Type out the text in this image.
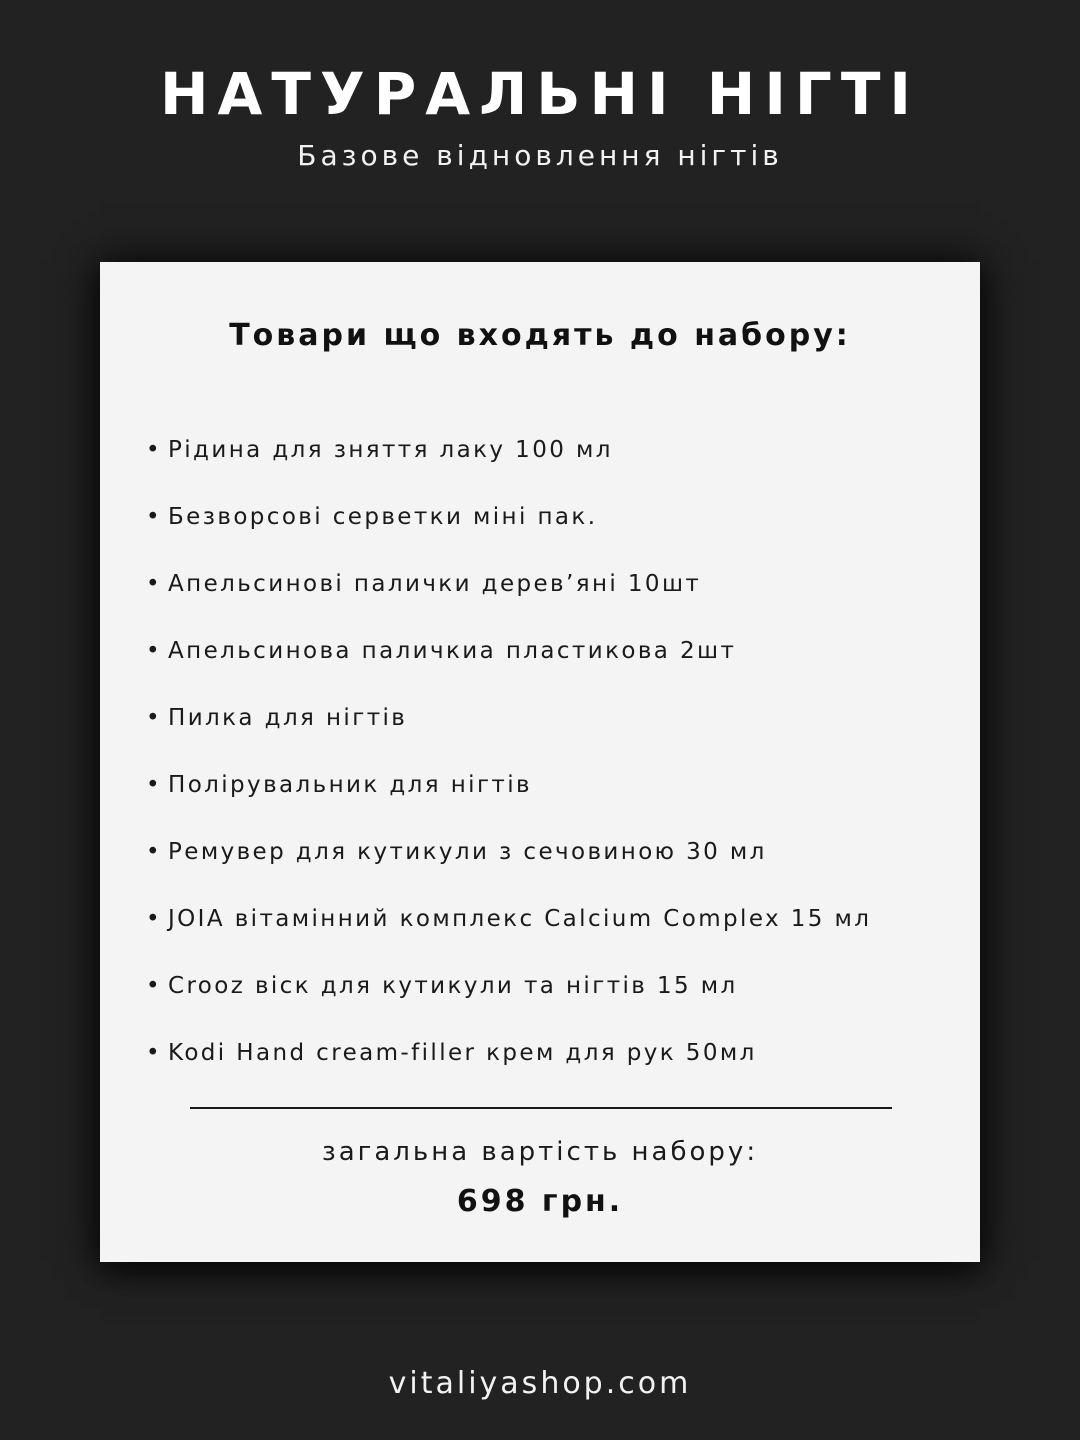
НАТУРАЛЬНІ НІГТІ

Базове відновлення нігтів

Товари що входять до набору:
• Рідина для зняття лаку 100 мл
• Безворсові серветки міні пак.
• Апельсинові палички дерев’яні 10шт
• Апельсинова паличкиа пластикова 2шт
• Пилка для нігтів
• Полірувальник для нігтів
• Ремувер для кутикули з сечовиною 30 мл
• JOIA вітамінний комплекс Calcium Complex 15 мл
• Crooz віск для кутикули та нігтів 15 мл
• Kodi Hand cream-filler крем для рук 50мл
загальна вартість набору:
698 грн.
vitaliyashop.com
